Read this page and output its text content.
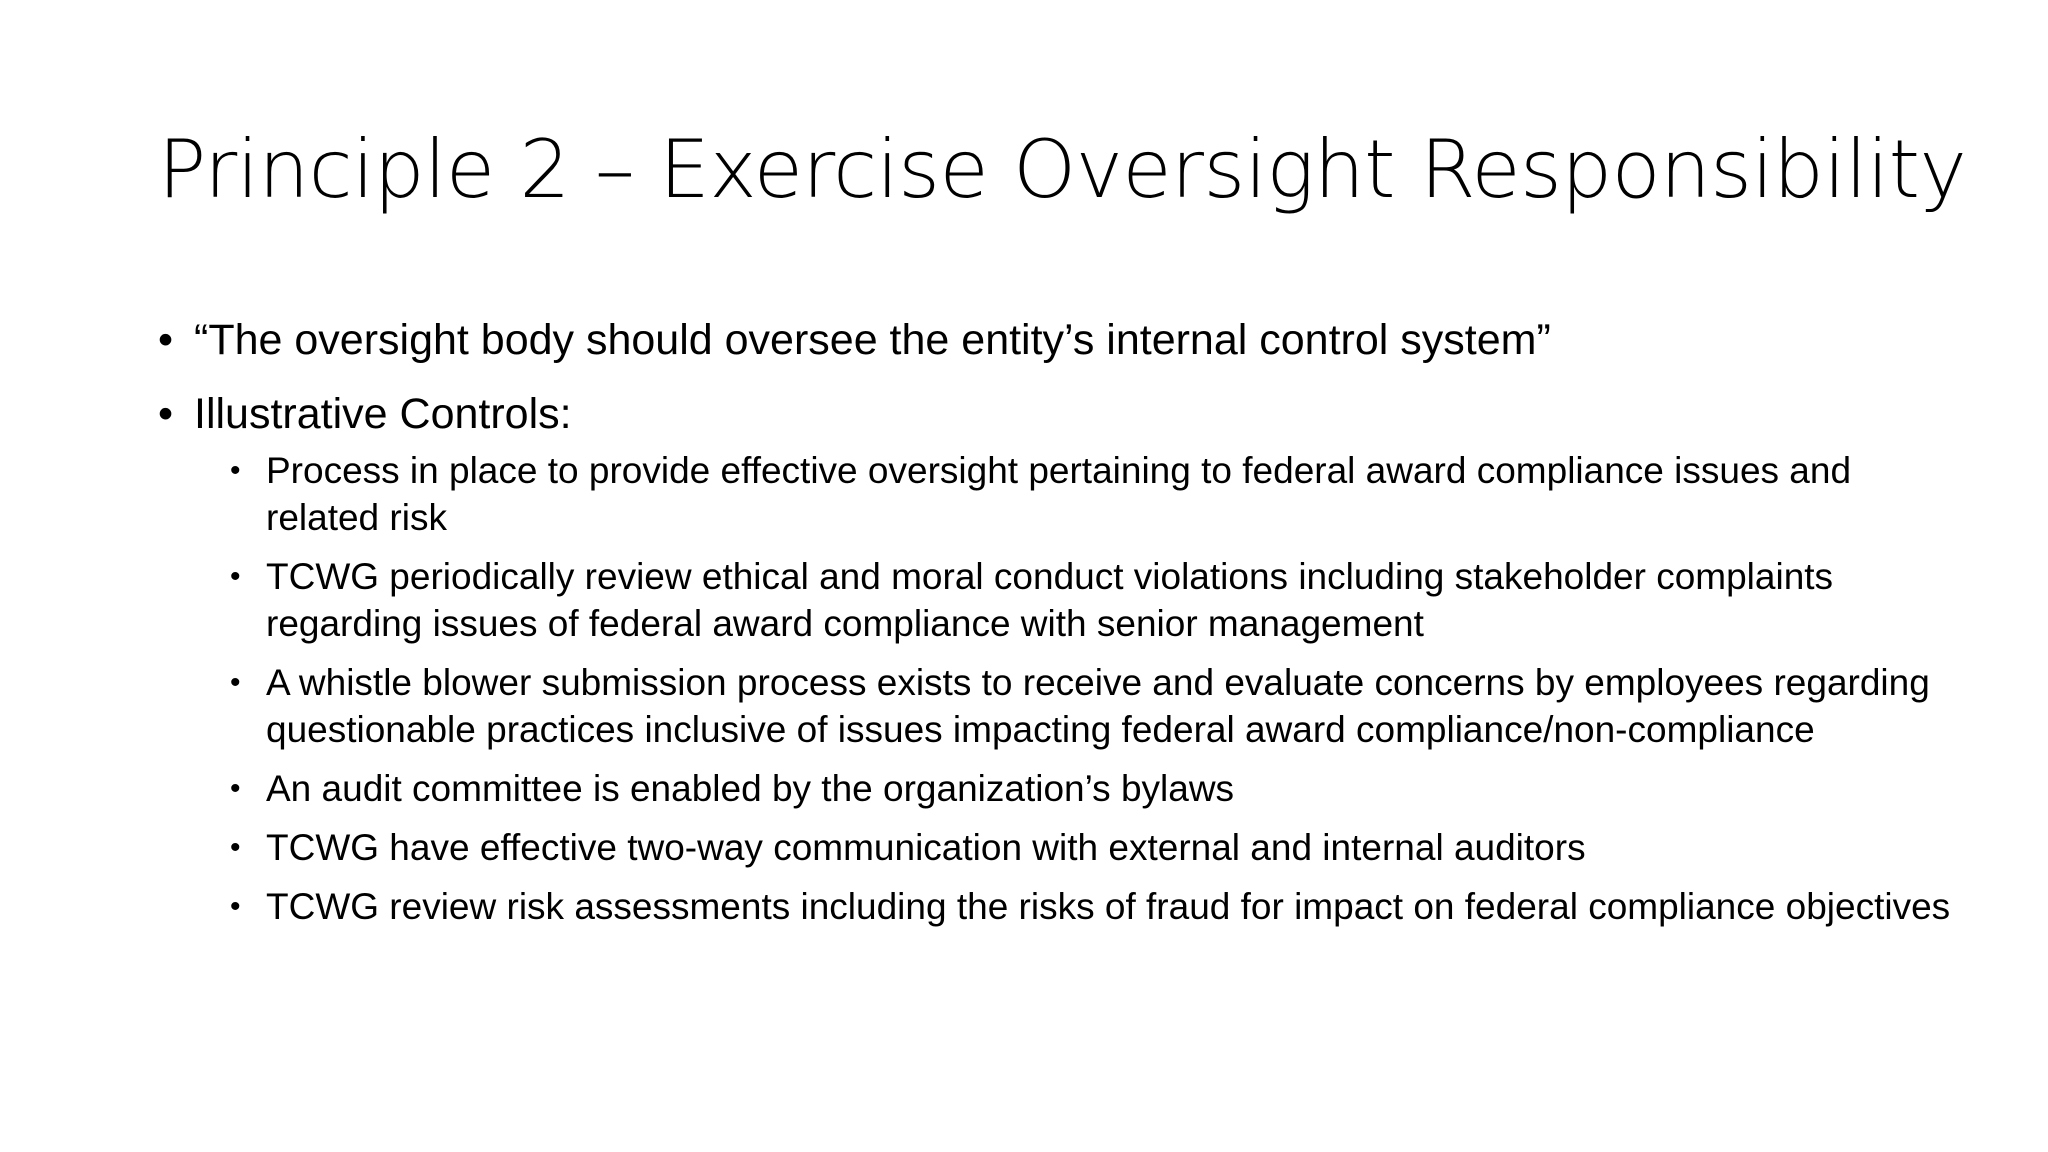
Principle 2 – Exercise Oversight Responsibility
• “The oversight body should oversee the entity’s internal control system”
• Illustrative Controls:
• Process in place to provide effective oversight pertaining to federal award compliance issues and related risk
• TCWG periodically review ethical and moral conduct violations including stakeholder complaints regarding issues of federal award compliance with senior management
• A whistle blower submission process exists to receive and evaluate concerns by employees regarding questionable practices inclusive of issues impacting federal award compliance/non-compliance
• An audit committee is enabled by the organization’s bylaws
• TCWG have effective two-way communication with external and internal auditors
• TCWG review risk assessments including the risks of fraud for impact on federal compliance objectives
